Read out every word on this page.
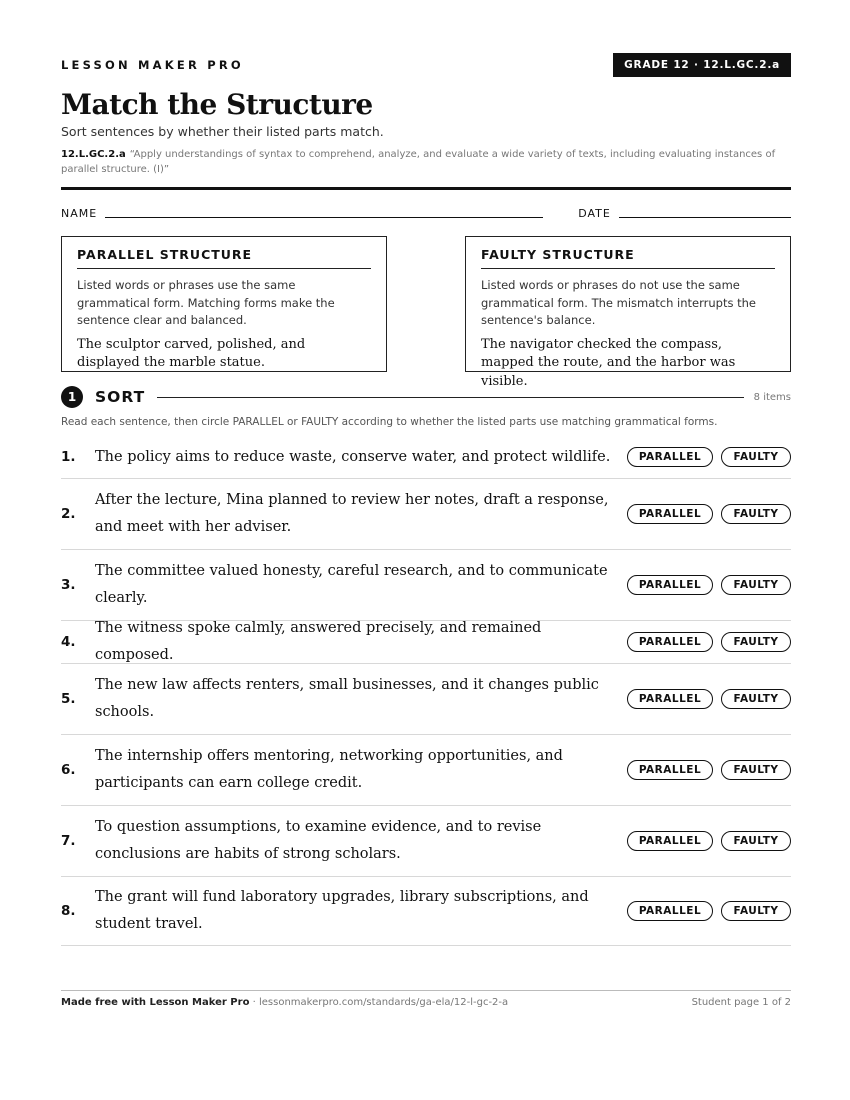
LESSON MAKER PRO	GRADE 12 · 12.L.GC.2.a
Match the Structure
Sort sentences by whether their listed parts match.
12.L.GC.2.a “Apply understandings of syntax to comprehend, analyze, and evaluate a wide variety of texts, including evaluating instances of parallel structure. (I)”
NAME	DATE
PARALLEL STRUCTURE
Listed words or phrases use the same grammatical form. Matching forms make the sentence clear and balanced.
The sculptor carved, polished, and displayed the marble statue.
FAULTY STRUCTURE
Listed words or phrases do not use the same grammatical form. The mismatch interrupts the sentence's balance.
The navigator checked the compass, mapped the route, and the harbor was visible.
1	SORT	8 items
Read each sentence, then circle PARALLEL or FAULTY according to whether the listed parts use matching grammatical forms.
1.	The policy aims to reduce waste, conserve water, and protect wildlife.	PARALLEL	FAULTY
2.
After the lecture, Mina planned to review her notes, draft a response, and meet with her adviser.
PARALLEL	FAULTY
3.
The committee valued honesty, careful research, and to communicate clearly.
PARALLEL	FAULTY
4.
The witness spoke calmly, answered precisely, and remained composed.
PARALLEL	FAULTY
5.
The new law affects renters, small businesses, and it changes public schools.
PARALLEL	FAULTY
6.
The internship offers mentoring, networking opportunities, and participants can earn college credit.
PARALLEL	FAULTY
7.
To question assumptions, to examine evidence, and to revise conclusions are habits of strong scholars.
PARALLEL	FAULTY
8.
The grant will fund laboratory upgrades, library subscriptions, and student travel.
PARALLEL	FAULTY
Made free with Lesson Maker Pro · lessonmakerpro.com/standards/ga-ela/12-l-gc-2-a	Student page 1 of 2
